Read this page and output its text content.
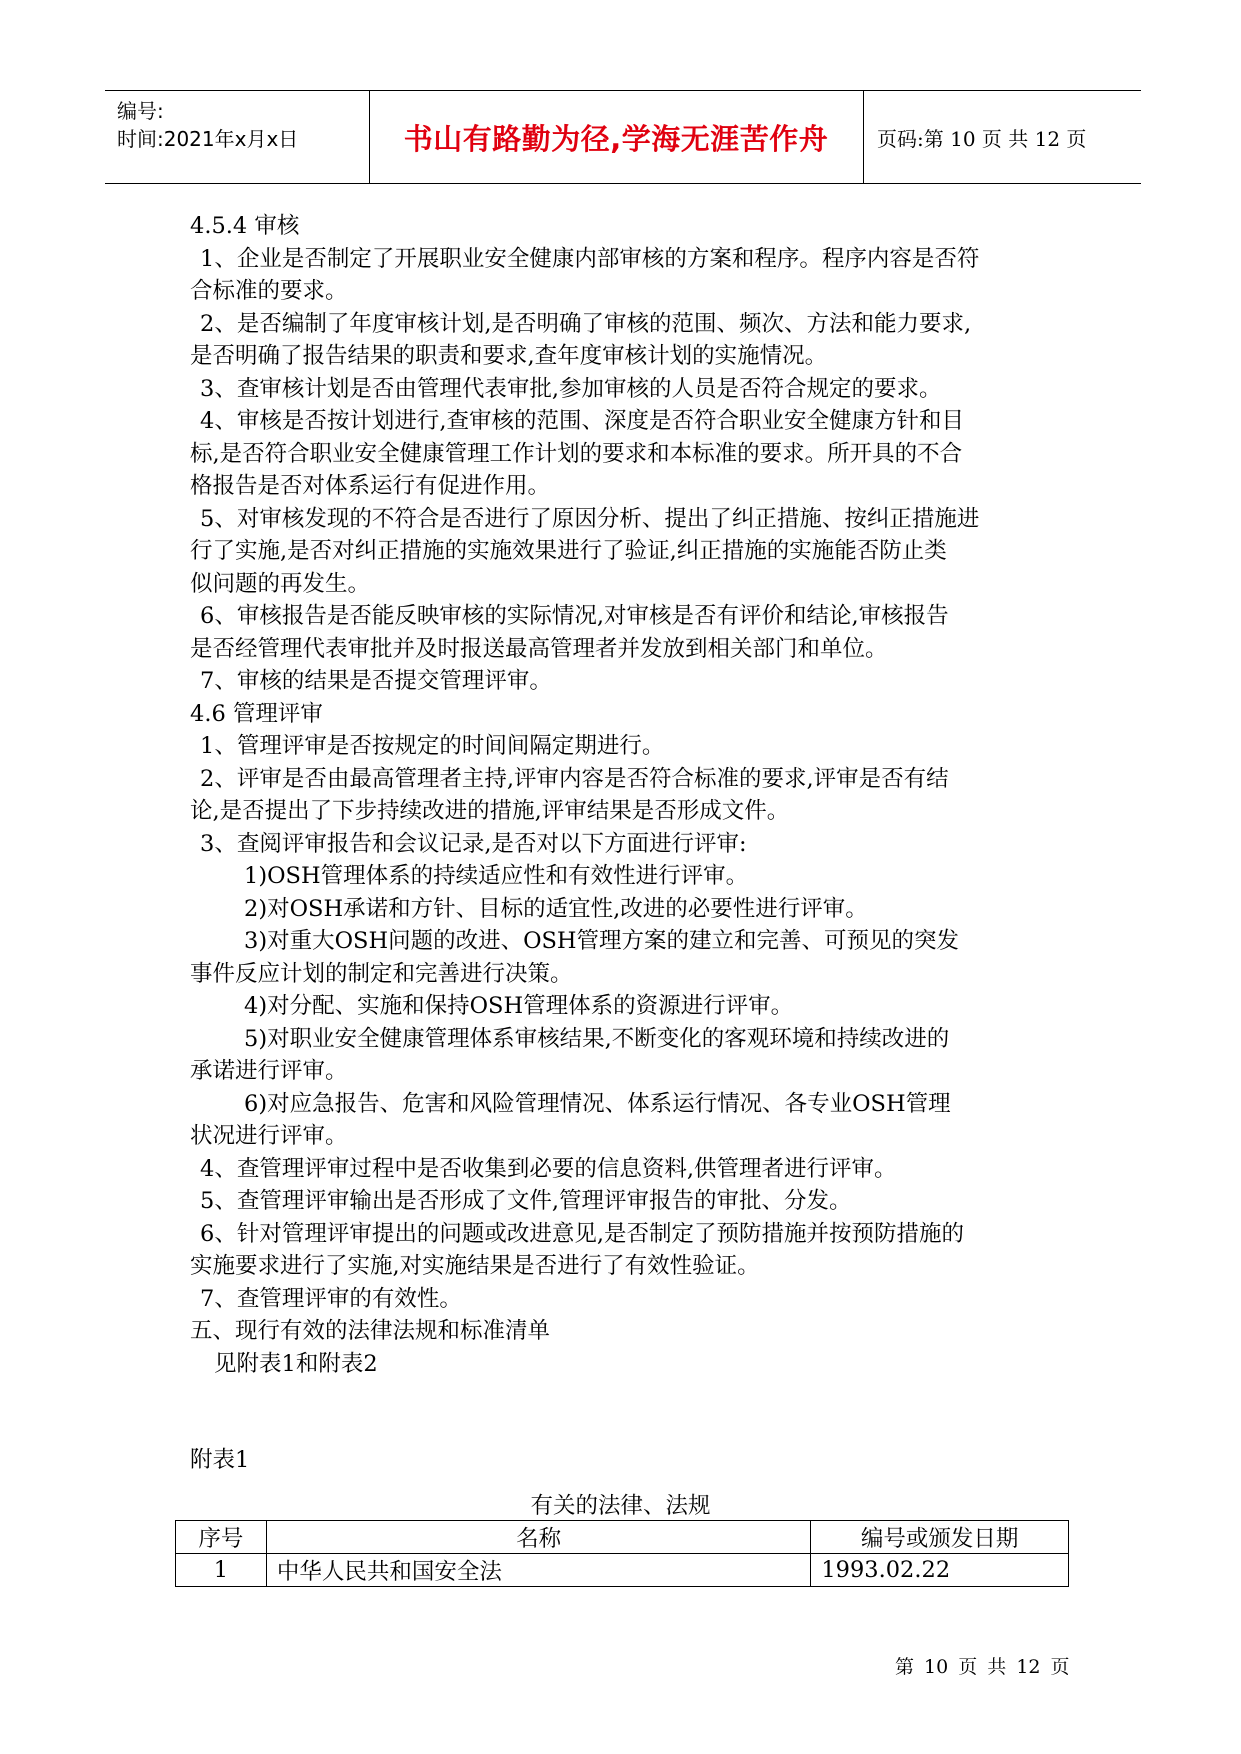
编号:
时间:2021年x月x日	书山有路勤为径,学海无涯苦作舟 页码:第 10 页 共 12 页

4.5.4 审核

1、企业是否制定了开展职业安全健康内部审核的方案和程序。程序内容是否符

合标准的要求。

2、是否编制了年度审核计划,是否明确了审核的范围、频次、方法和能力要求,

是否明确了报告结果的职责和要求,查年度审核计划的实施情况。

3、查审核计划是否由管理代表审批,参加审核的人员是否符合规定的要求。

4、审核是否按计划进行,查审核的范围、深度是否符合职业安全健康方针和目

标,是否符合职业安全健康管理工作计划的要求和本标准的要求。所开具的不合

格报告是否对体系运行有促进作用。

5、对审核发现的不符合是否进行了原因分析、提出了纠正措施、按纠正措施进

行了实施,是否对纠正措施的实施效果进行了验证,纠正措施的实施能否防止类

似问题的再发生。

6、审核报告是否能反映审核的实际情况,对审核是否有评价和结论,审核报告

是否经管理代表审批并及时报送最高管理者并发放到相关部门和单位。

7、审核的结果是否提交管理评审。

4.6 管理评审

1、管理评审是否按规定的时间间隔定期进行。

2、评审是否由最高管理者主持,评审内容是否符合标准的要求,评审是否有结

论,是否提出了下步持续改进的措施,评审结果是否形成文件。

3、查阅评审报告和会议记录,是否对以下方面进行评审:

1)OSH管理体系的持续适应性和有效性进行评审。

2)对OSH承诺和方针、目标的适宜性,改进的必要性进行评审。

3)对重大OSH问题的改进、OSH管理方案的建立和完善、可预见的突发

事件反应计划的制定和完善进行决策。

4)对分配、实施和保持OSH管理体系的资源进行评审。

5)对职业安全健康管理体系审核结果,不断变化的客观环境和持续改进的

承诺进行评审。

6)对应急报告、危害和风险管理情况、体系运行情况、各专业OSH管理

状况进行评审。

4、查管理评审过程中是否收集到必要的信息资料,供管理者进行评审。

5、查管理评审输出是否形成了文件,管理评审报告的审批、分发。

6、针对管理评审提出的问题或改进意见,是否制定了预防措施并按预防措施的

实施要求进行了实施,对实施结果是否进行了有效性验证。

7、查管理评审的有效性。

五、现行有效的法律法规和标准清单

见附表1和附表2

附表1

有关的法律、法规
序号	名称	编号或颁发日期
1	中华人民共和国安全法	1993.02.22
第 10 页 共 12 页
